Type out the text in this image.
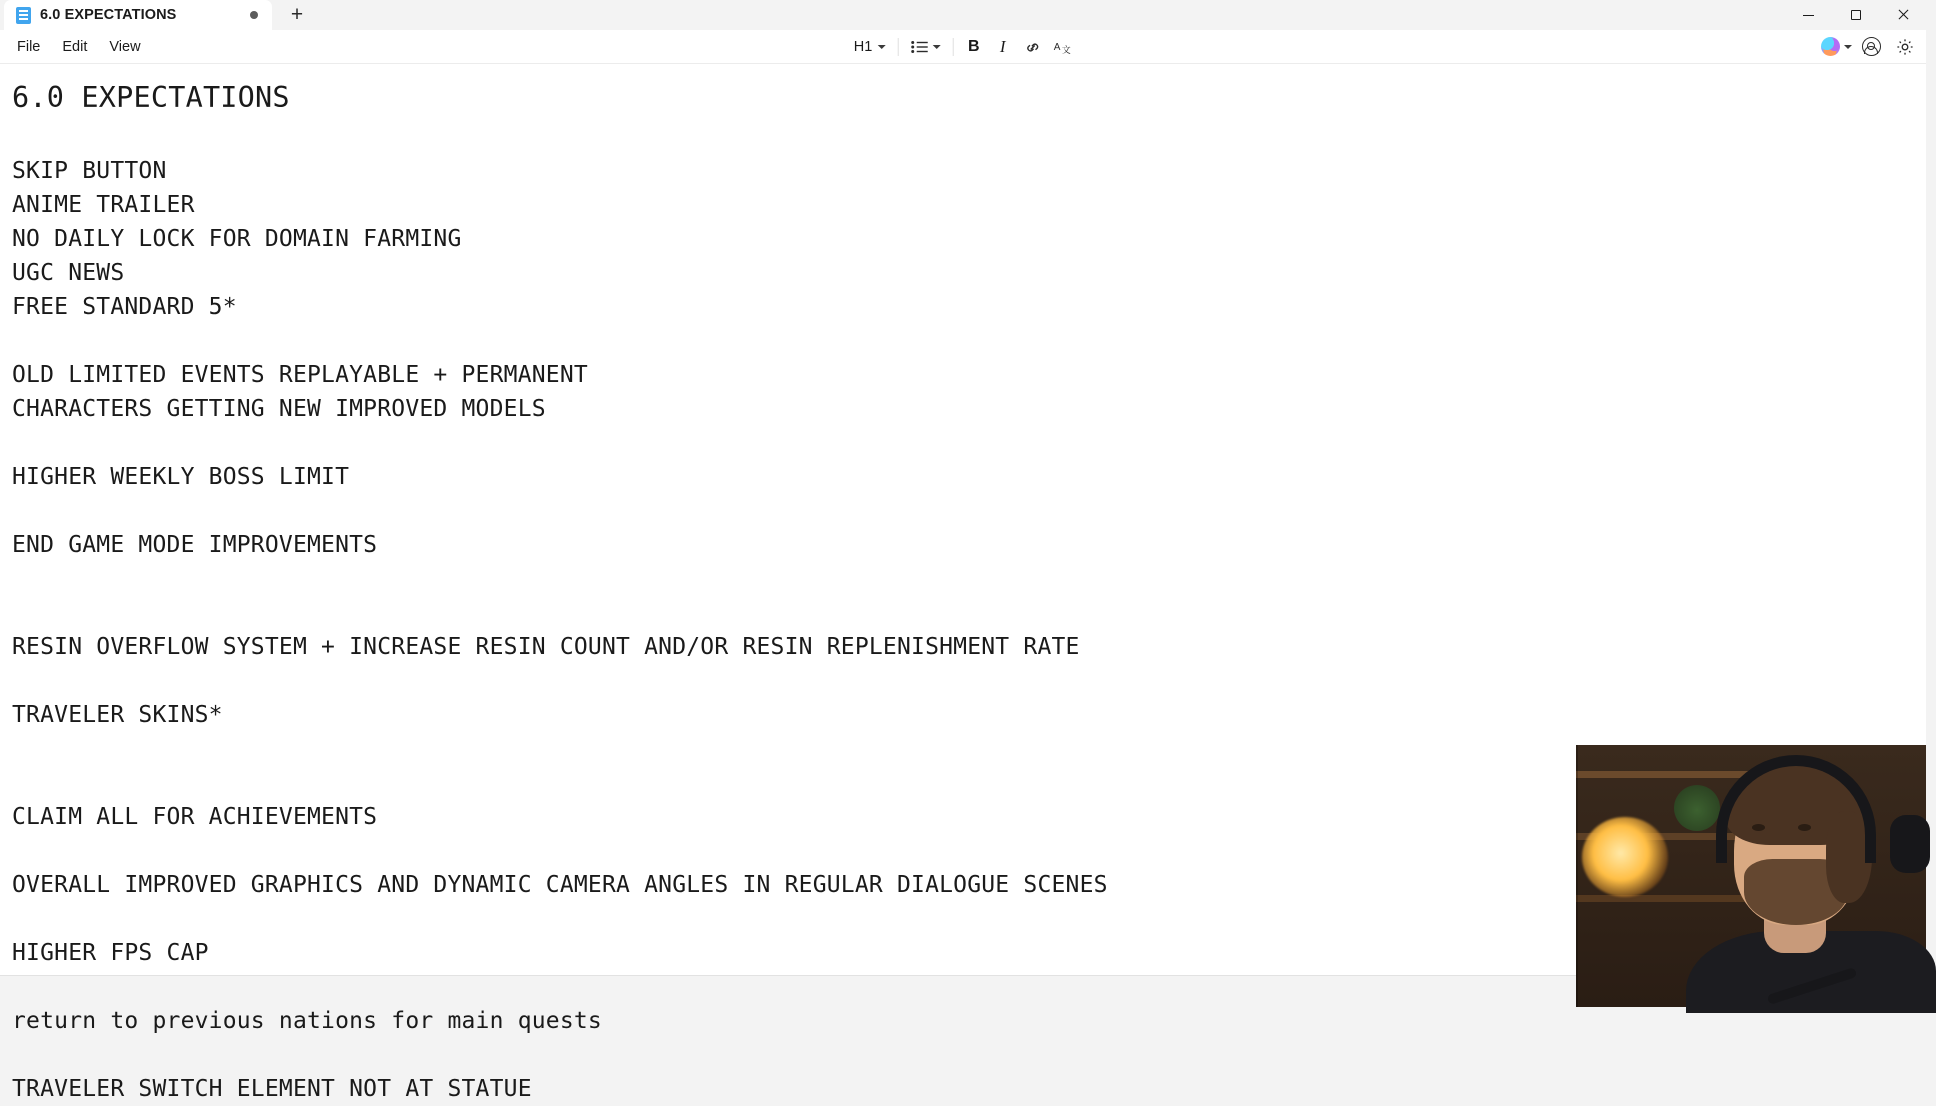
6.0 EXPECTATIONS	+
File	Edit	View	H1	B I	A 文
6.0 EXPECTATIONS

SKIP BUTTON
ANIME TRAILER
NO DAILY LOCK FOR DOMAIN FARMING
UGC NEWS
FREE STANDARD 5*

OLD LIMITED EVENTS REPLAYABLE + PERMANENT
CHARACTERS GETTING NEW IMPROVED MODELS

HIGHER WEEKLY BOSS LIMIT

END GAME MODE IMPROVEMENTS

RESIN OVERFLOW SYSTEM + INCREASE RESIN COUNT AND/OR RESIN REPLENISHMENT RATE

TRAVELER SKINS*

CLAIM ALL FOR ACHIEVEMENTS

OVERALL IMPROVED GRAPHICS AND DYNAMIC CAMERA ANGLES IN REGULAR DIALOGUE SCENES

HIGHER FPS CAP

return to previous nations for main quests

TRAVELER SWITCH ELEMENT NOT AT STATUE
